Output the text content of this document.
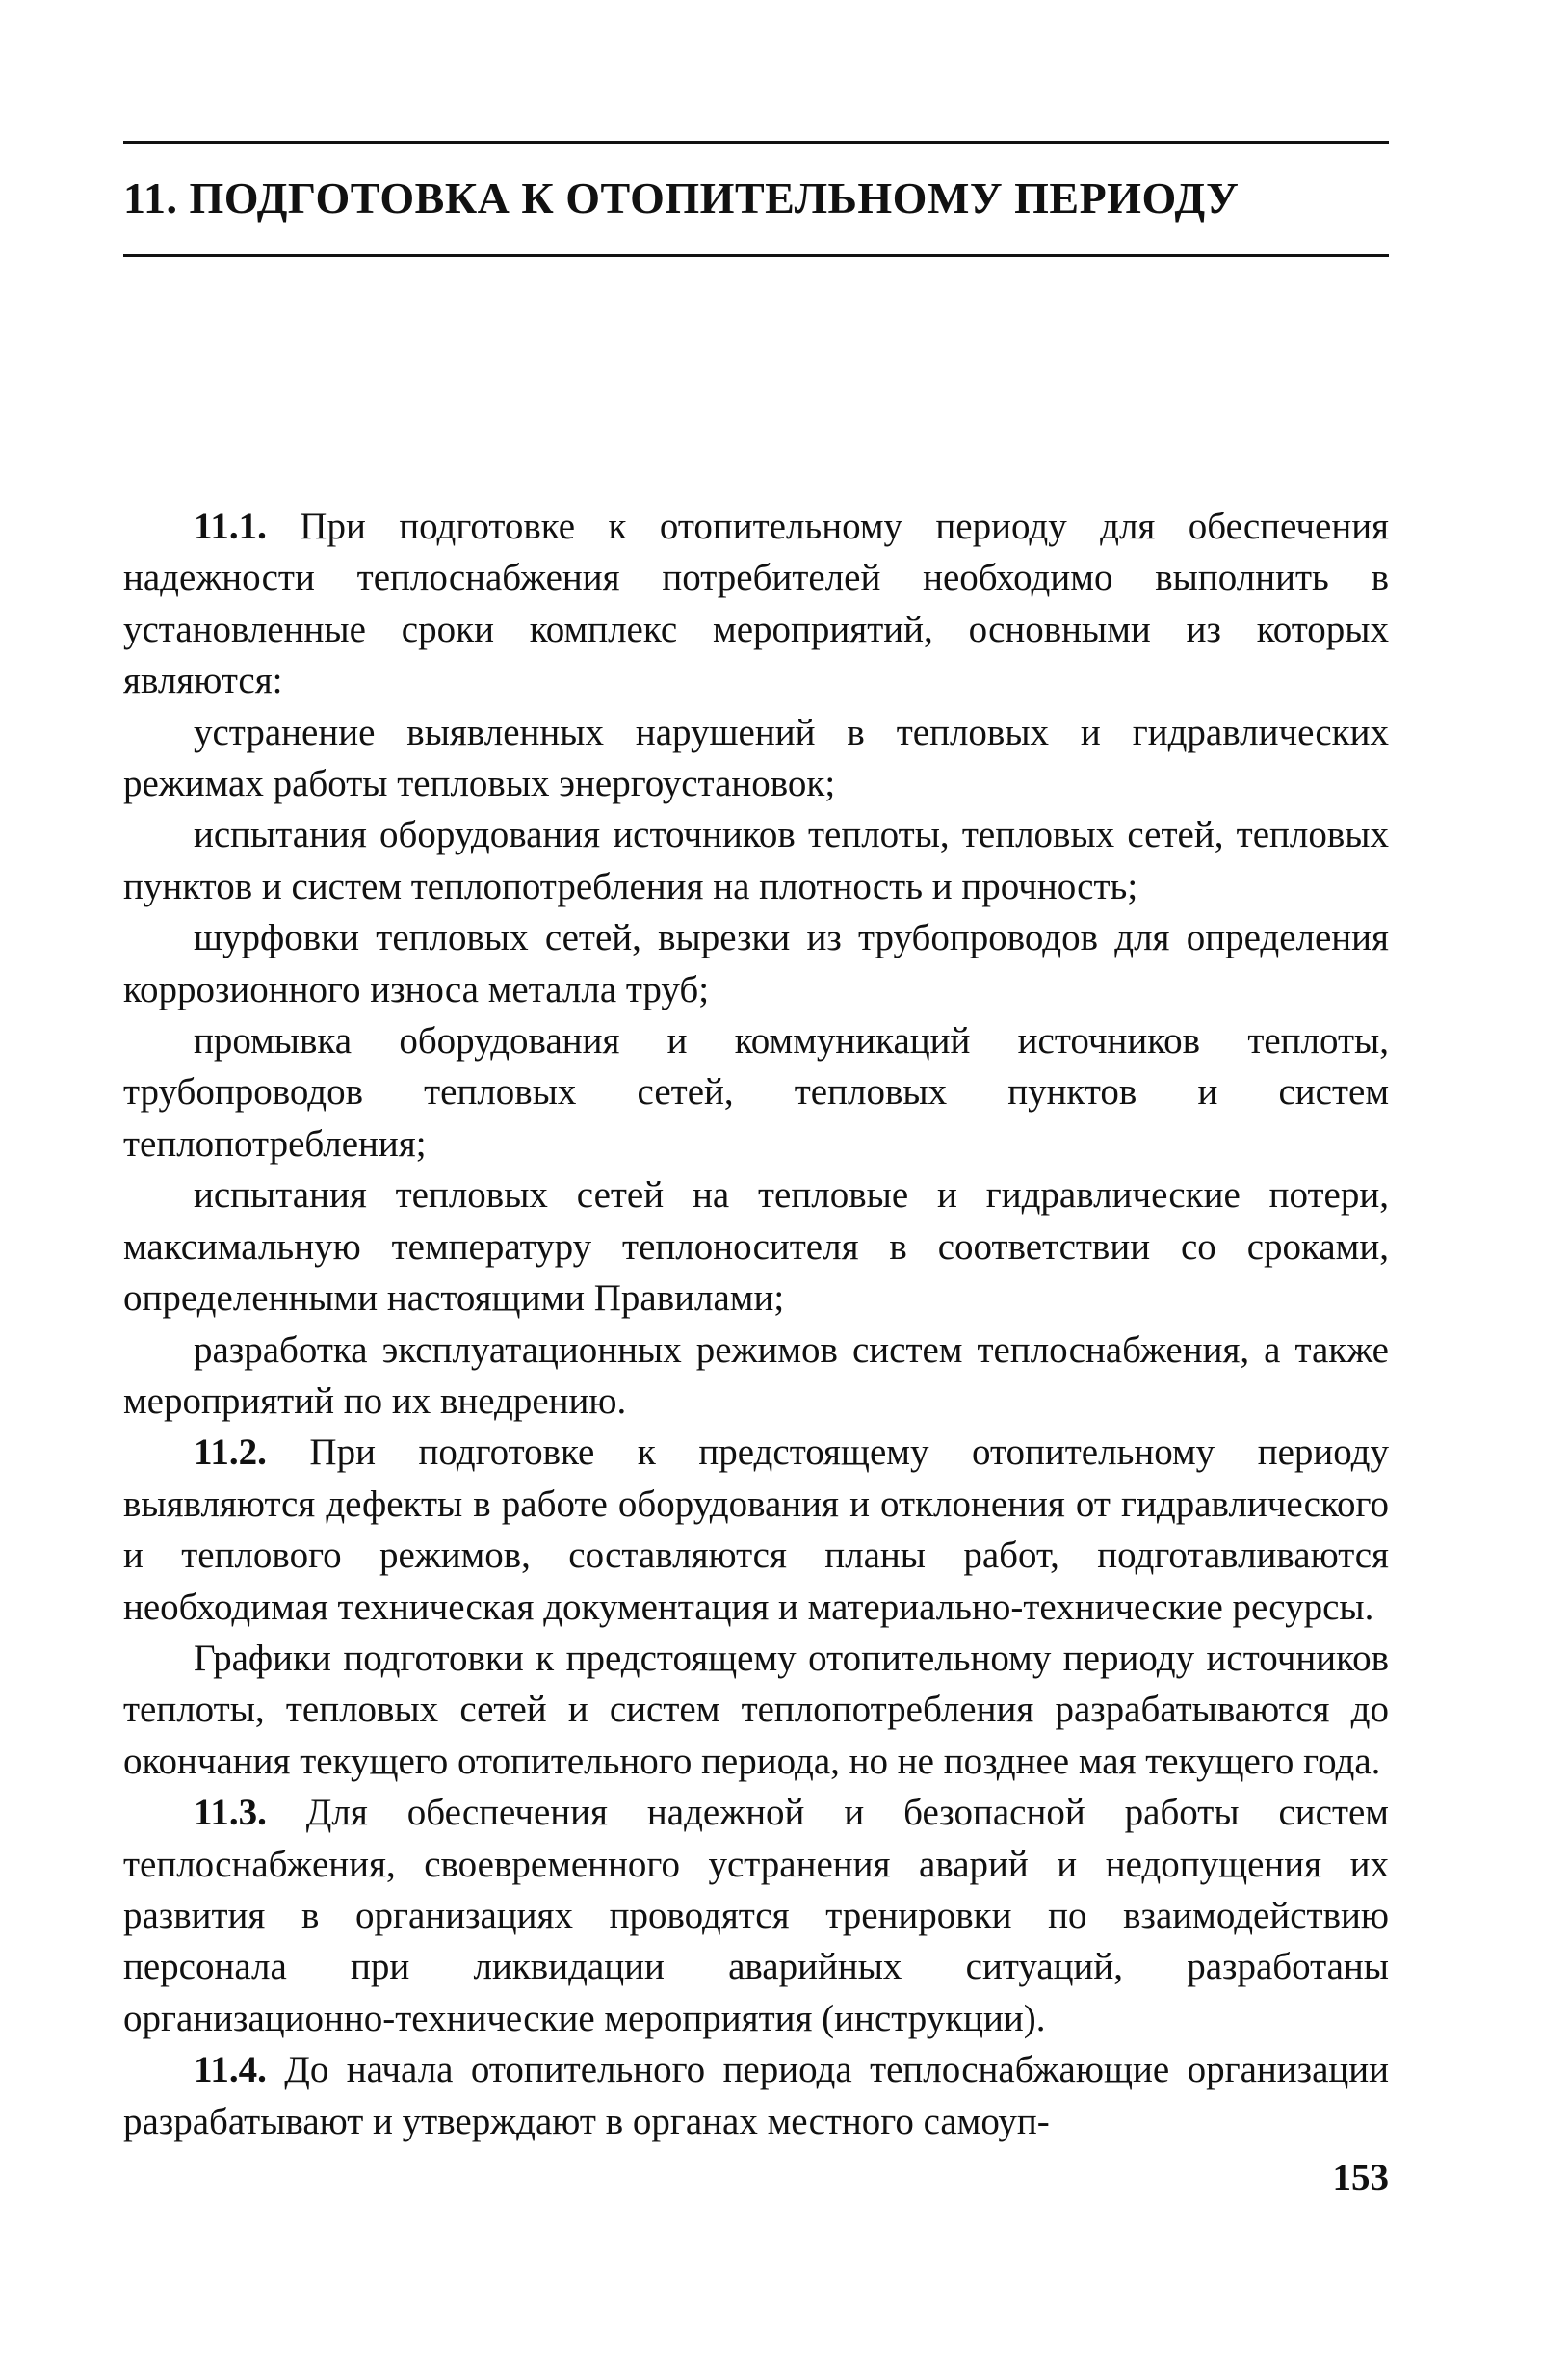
11. ПОДГОТОВКА К ОТОПИТЕЛЬНОМУ ПЕРИОДУ

11.1. При подготовке к отопительному периоду для обеспечения надежности теплоснабжения потребителей необходимо выполнить в установленные сроки комплекс мероприятий, основными из которых являются:

устранение выявленных нарушений в тепловых и гидравлических режимах работы тепловых энергоустановок;

испытания оборудования источников теплоты, тепловых сетей, тепловых пунктов и систем теплопотребления на плотность и прочность;

шурфовки тепловых сетей, вырезки из трубопроводов для определения коррозионного износа металла труб;

промывка оборудования и коммуникаций источников теплоты, трубопроводов тепловых сетей, тепловых пунктов и систем теплопотребления;

испытания тепловых сетей на тепловые и гидравлические потери, максимальную температуру теплоносителя в соответствии со сроками, определенными настоящими Правилами;

разработка эксплуатационных режимов систем теплоснабжения, а также мероприятий по их внедрению.

11.2. При подготовке к предстоящему отопительному периоду выявляются дефекты в работе оборудования и отклонения от гидравлического и теплового режимов, составляются планы работ, подготавливаются необходимая техническая документация и материально-технические ресурсы.

Графики подготовки к предстоящему отопительному периоду источников теплоты, тепловых сетей и систем теплопотребления разрабатываются до окончания текущего отопительного периода, но не позднее мая текущего года.

11.3. Для обеспечения надежной и безопасной работы систем теплоснабжения, своевременного устранения аварий и недопущения их развития в организациях проводятся тренировки по взаимодействию персонала при ликвидации аварийных ситуаций, разработаны организационно-технические мероприятия (инструкции).

11.4. До начала отопительного периода теплоснабжающие организации разрабатывают и утверждают в органах местного самоуп-

153
